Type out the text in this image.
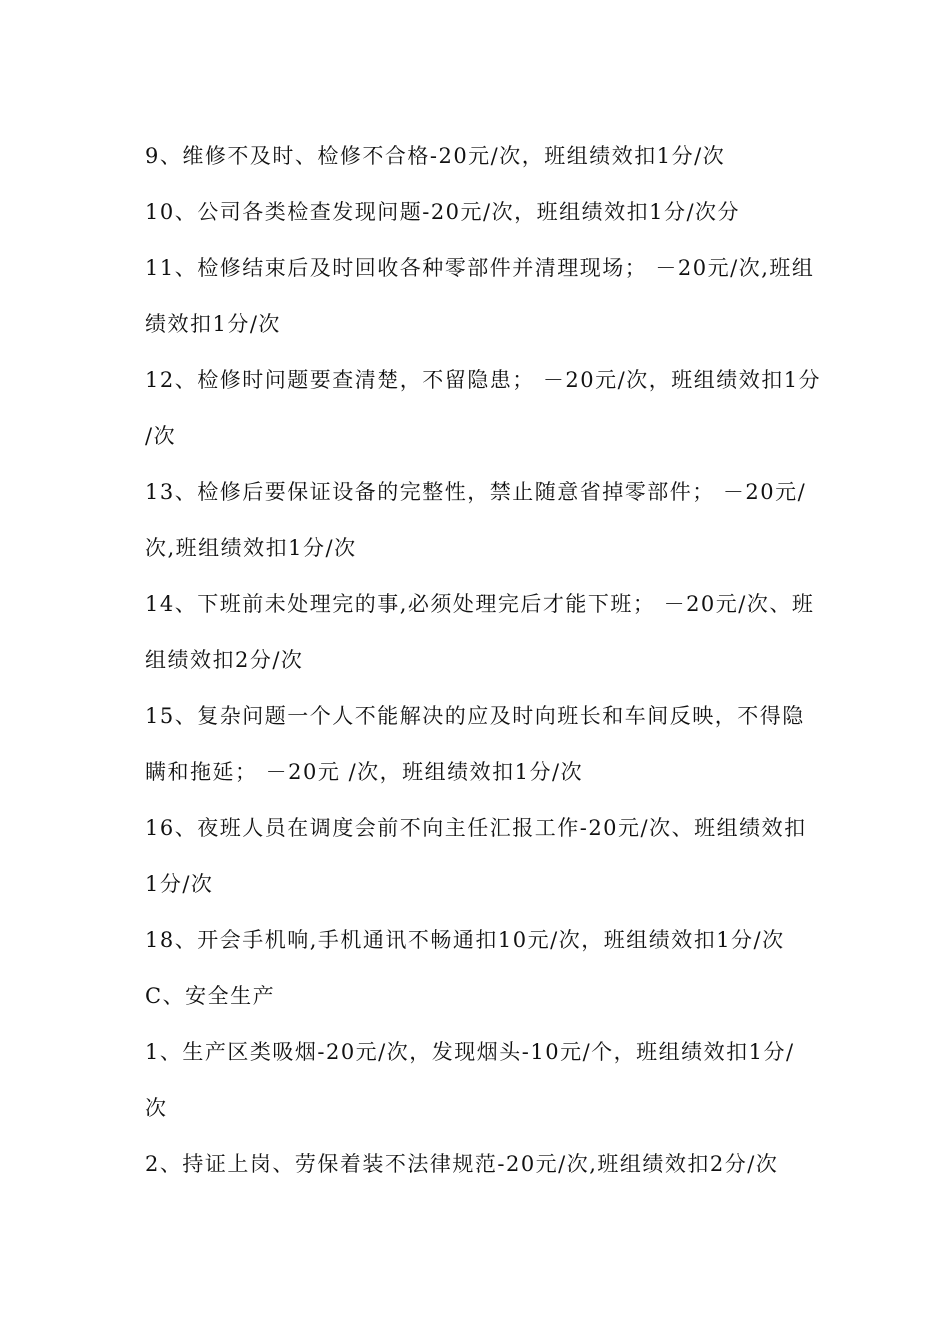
9、维修不及时、检修不合格-20元/次，班组绩效扣1分/次
10、公司各类检查发现问题-20元/次，班组绩效扣1分/次分
11、检修结束后及时回收各种零部件并清理现场； －20元/次,班组
绩效扣1分/次
12、检修时问题要查清楚，不留隐患； －20元/次，班组绩效扣1分
/次
13、检修后要保证设备的完整性，禁止随意省掉零部件； －20元/
次,班组绩效扣1分/次
14、下班前未处理完的事,必须处理完后才能下班； －20元/次、班
组绩效扣2分/次
15、复杂问题一个人不能解决的应及时向班长和车间反映，不得隐
瞒和拖延； －20元 /次，班组绩效扣1分/次
16、夜班人员在调度会前不向主任汇报工作-20元/次、班组绩效扣
1分/次
18、开会手机响,手机通讯不畅通扣10元/次，班组绩效扣1分/次
C、安全生产
1、生产区类吸烟-20元/次，发现烟头-10元/个，班组绩效扣1分/
次
2、持证上岗、劳保着装不法律规范-20元/次,班组绩效扣2分/次
